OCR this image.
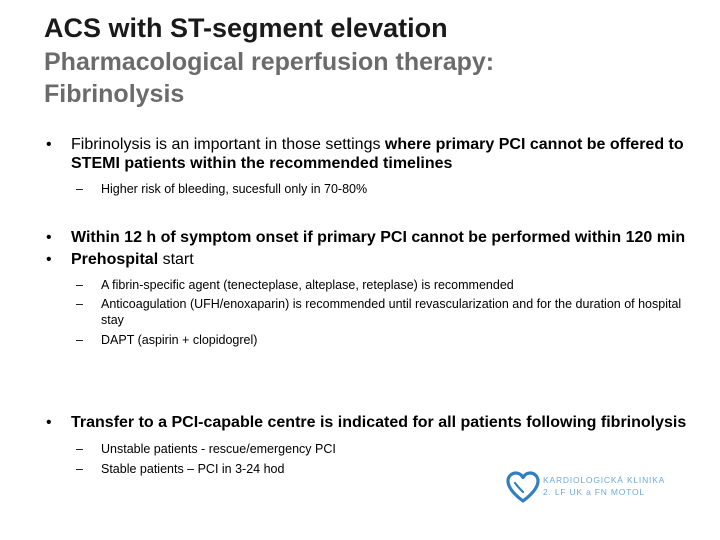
ACS with ST-segment elevation
Pharmacological reperfusion therapy:
Fibrinolysis
• Fibrinolysis is an important in those settings where primary PCI cannot be offered to STEMI patients within the recommended timelines
– Higher risk of bleeding, sucesfull only in 70-80%
• Within 12 h of symptom onset if primary PCI cannot be performed within 120 min
• Prehospital start
– A fibrin-specific agent (tenecteplase, alteplase, reteplase) is recommended
– Anticoagulation (UFH/enoxaparin) is recommended until revascularization and for the duration of hospital stay
– DAPT (aspirin + clopidogrel)
• Transfer to a PCI-capable centre is indicated for all patients following fibrinolysis
– Unstable patients - rescue/emergency PCI
– Stable patients – PCI in 3-24 hod
KARDIOLOGICKÁ KLINIKA
2. LF UK a FN MOTOL
